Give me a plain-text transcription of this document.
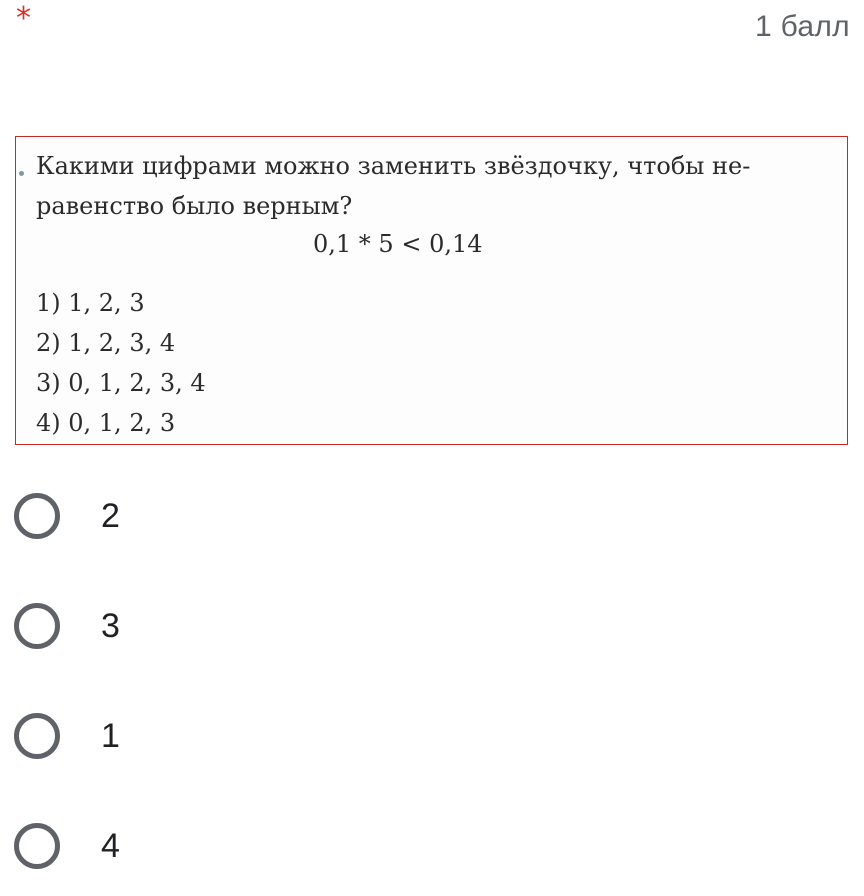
*	1 балл
Какими цифрами можно заменить звёздочку, чтобы не-
равенство было верным?
0,1 * 5 < 0,14
1) 1, 2, 3
2) 1, 2, 3, 4
3) 0, 1, 2, 3, 4
4) 0, 1, 2, 3
2
3
1
4
